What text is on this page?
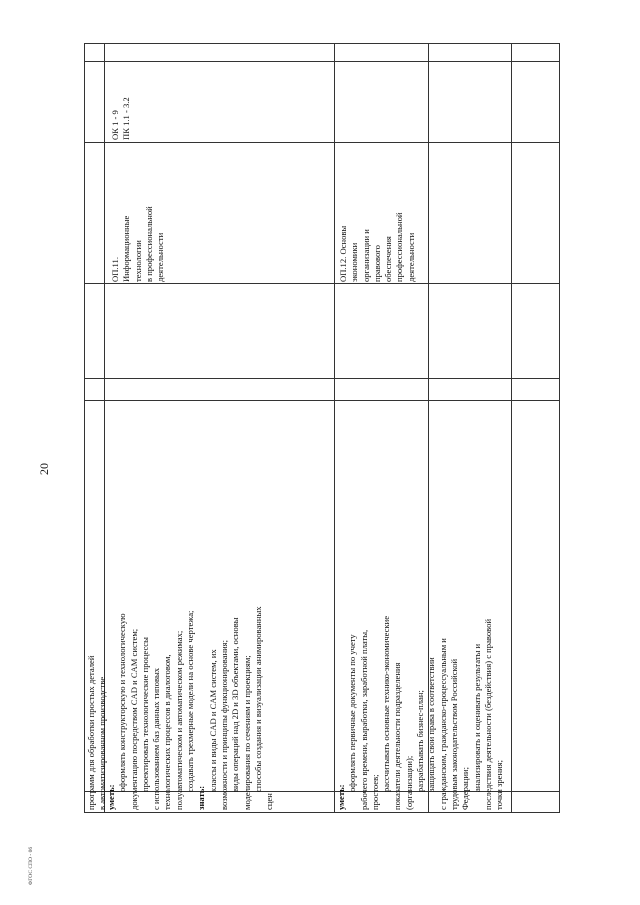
20
ФГОС СПО - 06

программ для обработки простых деталей в автоматизированном производстве

уметь:

оформлять конструкторскую и технологическую документацию посредством CAD и CAM систем; проектировать технологические процессы с использованием баз данных типовых технологических процессов в диалоговом, полуавтоматическом и автоматическом режимах; создавать трехмерные модели на основе чертежа;

знать:

классы и виды CAD и CAM систем, их возможности и принципы функционирования; виды операций над 2D и 3D объектами, основы моделирования по сечениям и проекциям; способы создания и визуализации анимированных

сцен	уметь:

оформлять первичные документы по учету рабочего времени, выработки, заработной платы, простоев;

рассчитывать основные технико-экономические показатели деятельности подразделения (организации); разрабатывать бизнес-план; защищать свои права в соответствии с гражданским, гражданско-процессуальным и трудовым законодательством Российской Федерации; анализировать и оценивать результаты и последствия деятельности (бездействия) с правовой точки зрения;

ОП.11. Информационные технологии в профессиональной деятельности

ОК 1 - 9 ПК 1.1 - 3.2

ОП.12. Основы экономики организации и правового обеспечения профессиональной деятельности
